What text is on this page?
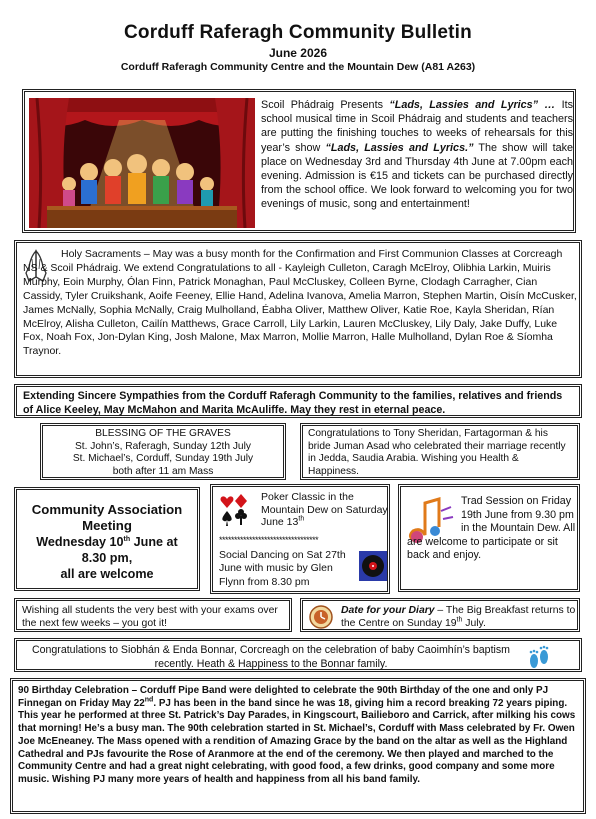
Corduff Raferagh Community Bulletin
June 2026
Corduff Raferagh Community Centre and the Mountain Dew (A81 A263)
Scoil Phádraig Presents “Lads, Lassies and Lyrics” … Its school musical time in Scoil Phádraig and students and teachers are putting the finishing touches to weeks of rehearsals for this year’s show “Lads, Lassies and Lyrics.” The show will take place on Wednesday 3rd and Thursday 4th June at 7.00pm each evening. Admission is €15 and tickets can be purchased directly from the school office. We look forward to welcoming you for two evenings of music, song and entertainment!
Holy Sacraments – May was a busy month for the Confirmation and First Communion Classes at Corcreagh NS & Scoil Phádraig. We extend Congratulations to all - Kayleigh Culleton, Caragh McElroy, Olibhia Larkin, Muiris Murphy, Eoin Murphy, Ólan Finn, Patrick Monaghan, Paul McCluskey, Colleen Byrne, Clodagh Carragher, Cian Cassidy, Tyler Cruikshank, Aoife Feeney, Ellie Hand, Adelina Ivanova, Amelia Marron, Stephen Martin, Oisín McCusker, James McNally, Sophia McNally, Craig Mulholland, Éabha Oliver, Matthew Oliver, Katie Roe, Kayla Sheridan, Rían McElroy, Alisha Culleton, Cailín Matthews, Grace Carroll, Lily Larkin, Lauren McCluskey, Lily Daly, Jake Duffy, Luke Fox, Noah Fox, Jon-Dylan King, Josh Malone, Max Marron, Mollie Marron, Halle Mulholland, Dylan Roe & Síomha Traynor.
Extending Sincere Sympathies from the Corduff Raferagh Community to the families, relatives and friends of Alice Keeley, May McMahon and Marita McAuliffe. May they rest in eternal peace.
BLESSING OF THE GRAVES
St. John’s, Raferagh, Sunday 12th July
St. Michael’s, Corduff, Sunday 19th July
both after 11 am Mass
Congratulations to Tony Sheridan, Fartagorman & his bride Juman Asad who celebrated their marriage recently in Jedda, Saudia Arabia. Wishing you Health & Happiness.
Community Association
Meeting
Wednesday 10th June at
8.30 pm,
all are welcome
Poker Classic in the Mountain Dew on Saturday June 13th
*********************************
Social Dancing on Sat 27th June with music by Glen Flynn from 8.30 pm
Trad Session on Friday 19th June from 9.30 pm in the Mountain Dew. All
are welcome to participate or sit back and enjoy.
Wishing all students the very best with your exams over the next few weeks – you got it!
Date for your Diary – The Big Breakfast returns to the Centre on Sunday 19th July.
Congratulations to Siobhán & Enda Bonnar, Corcreagh on the celebration of baby Caoimhín’s baptism recently. Heath & Happiness to the Bonnar family.
90 Birthday Celebration – Corduff Pipe Band were delighted to celebrate the 90th Birthday of the one and only PJ Finnegan on Friday May 22nd. PJ has been in the band since he was 18, giving him a record breaking 72 years piping. This year he performed at three St. Patrick’s Day Parades, in Kingscourt, Bailieboro and Carrick, after milking his cows that morning! He’s a busy man. The 90th celebration started in St. Michael’s, Corduff with Mass celebrated by Fr. Owen Joe McEneaney. The Mass opened with a rendition of Amazing Grace by the band on the altar as well as the Highland Cathedral and PJs favourite the Rose of Aranmore at the end of the ceremony. We then played and marched to the Community Centre and had a great night celebrating, with good food, a few drinks, good company and some more music. Wishing PJ many more years of health and happiness from all his band family.
